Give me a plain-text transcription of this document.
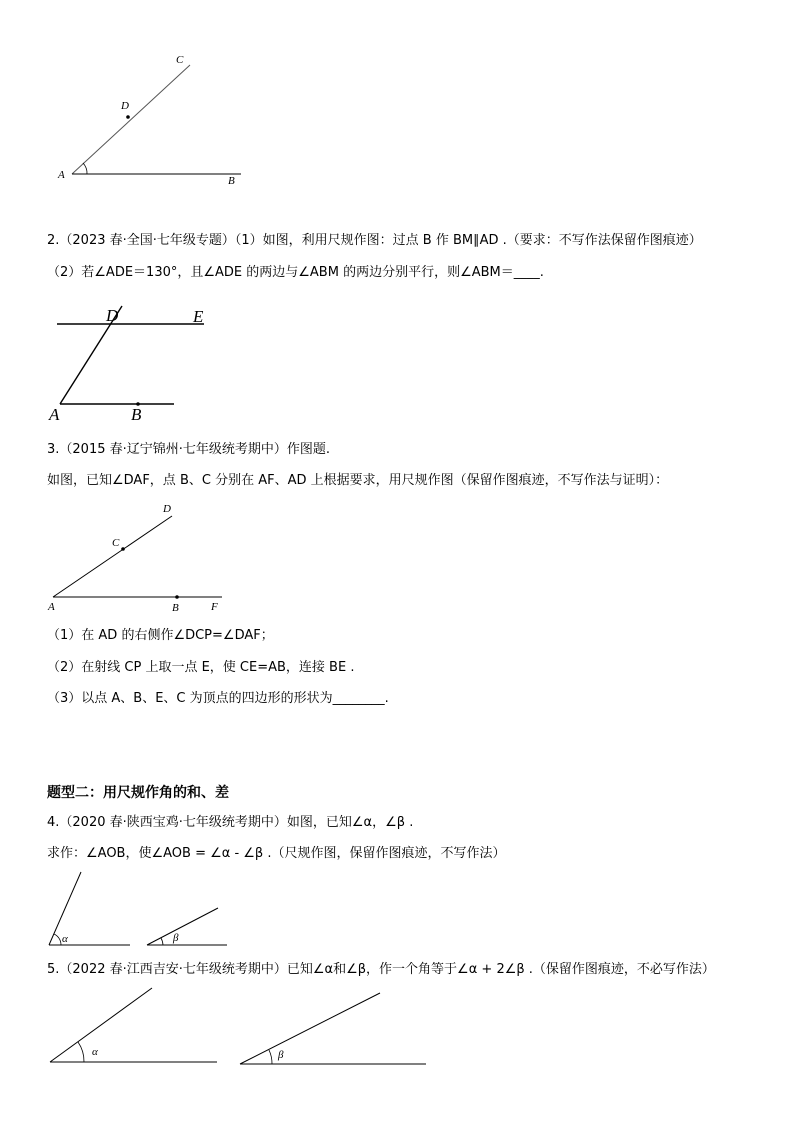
A	B
C
D
2.（2023 春·全国·七年级专题）（1）如图，利用尺规作图：过点 B 作 BM∥AD .（要求：不写作法保留作图痕迹）
（2）若∠ADE＝130°，且∠ADE 的两边与∠ABM 的两边分别平行，则∠ABM＝____.
A	B
D	E
3.（2015 春·辽宁锦州·七年级统考期中）作图题.
如图，已知∠DAF，点 B、C 分别在 AF、AD 上根据要求，用尺规作图（保留作图痕迹，不写作法与证明）：
A	B	F
C
D
（1）在 AD 的右侧作∠DCP=∠DAF；
（2）在射线 CP 上取一点 E，使 CE=AB，连接 BE .
（3）以点 A、B、E、C 为顶点的四边形的形状为________.
题型二：用尺规作角的和、差
4.（2020 春·陕西宝鸡·七年级统考期中）如图，已知∠α，∠β .
求作：∠AOB，使∠AOB = ∠α - ∠β .（尺规作图，保留作图痕迹，不写作法）
α	β
5.（2022 春·江西吉安·七年级统考期中）已知∠α和∠β，作一个角等于∠α + 2∠β .（保留作图痕迹，不必写作法）
α	β
